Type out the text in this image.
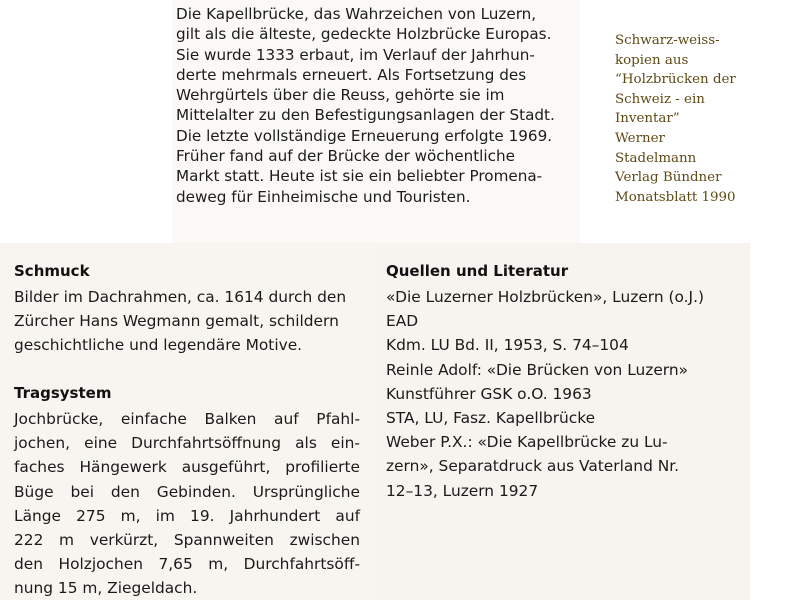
Die Kapellbrücke, das Wahrzeichen von Luzern,
gilt als die älteste, gedeckte Holzbrücke Europas.
Sie wurde 1333 erbaut, im Verlauf der Jahrhun-
derte mehrmals erneuert. Als Fortsetzung des
Wehrgürtels über die Reuss, gehörte sie im
Mittelalter zu den Befestigungsanlagen der Stadt.
Die letzte vollständige Erneuerung erfolgte 1969.
Früher fand auf der Brücke der wöchentliche
Markt statt. Heute ist sie ein beliebter Promena-
deweg für Einheimische und Touristen.

Schwarz-weiss-
kopien aus
“Holzbrücken der
Schweiz - ein
Inventar”
Werner
Stadelmann
Verlag Bündner
Monatsblatt 1990

Schmuck

Bilder im Dachrahmen, ca. 1614 durch den
Zürcher Hans Wegmann gemalt, schildern
geschichtliche und legendäre Motive.

Tragsystem

Jochbrücke, einfache Balken auf Pfahl-
jochen, eine Durchfahrtsöffnung als ein-
faches Hängewerk ausgeführt, profilierte
Büge bei den Gebinden. Ursprüngliche
Länge 275 m, im 19. Jahrhundert auf
222 m verkürzt, Spannweiten zwischen
den Holzjochen 7,65 m, Durchfahrtsöff-
nung 15 m, Ziegeldach.

Quellen und Literatur

«Die Luzerner Holzbrücken», Luzern (o.J.)
EAD
Kdm. LU Bd. II, 1953, S. 74–104
Reinle Adolf: «Die Brücken von Luzern»
Kunstführer GSK o.O. 1963
STA, LU, Fasz. Kapellbrücke
Weber P.X.: «Die Kapellbrücke zu Lu-
zern», Separatdruck aus Vaterland Nr.
12–13, Luzern 1927
